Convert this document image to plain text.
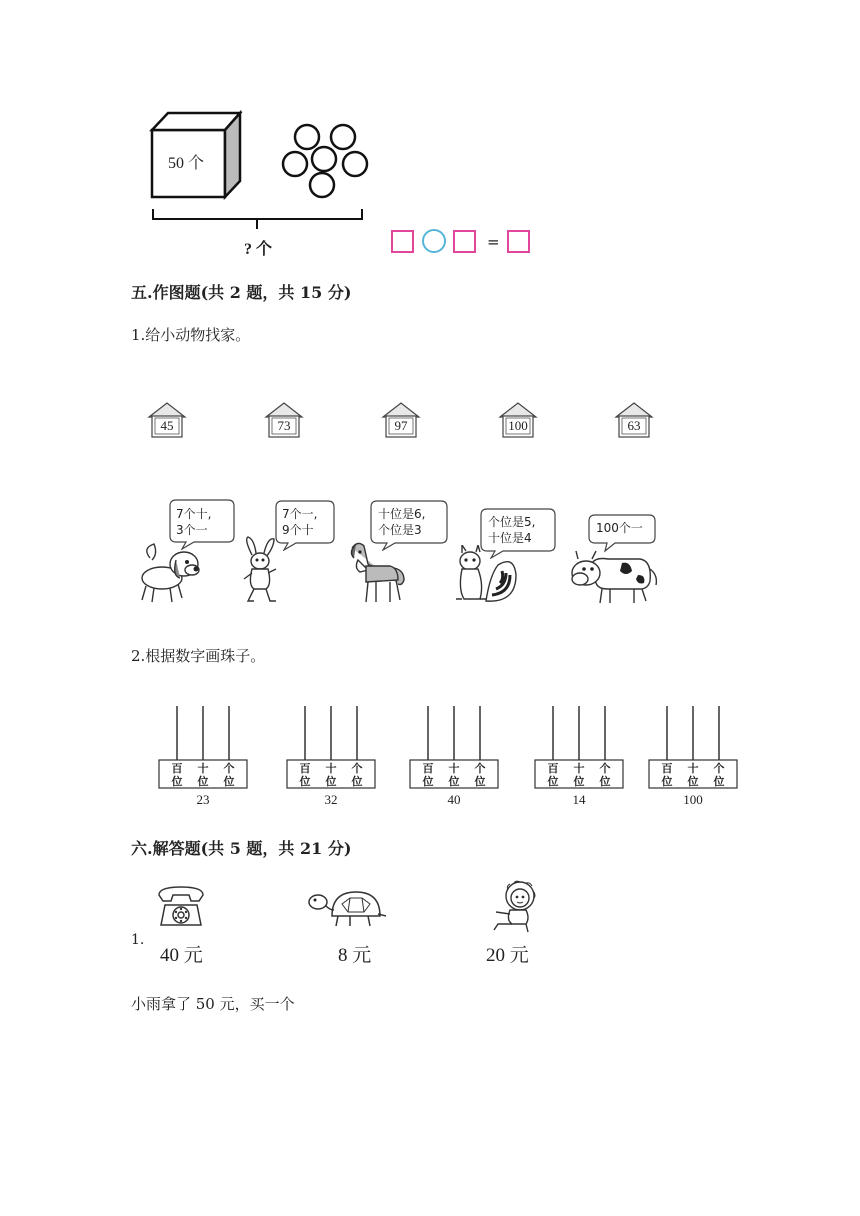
=
50 个
? 个
五.作图题(共 2 题，共 15 分)
1.给小动物找家。
45	73	97	100	63
7个十,
3个一
7个一,
9个十
十位是6,
个位是3
个位是5,
十位是4
100个一
2.根据数字画珠子。
百
位
十
位
个
位
23
百
位
十
位
个
位
32
百
位
十
位
个
位
40
百
位
十
位
个
位
14
百
位
十
位
个
位
100
六.解答题(共 5 题，共 21 分)
1.
40 元	8 元	20 元
小雨拿了 50 元，买一个
